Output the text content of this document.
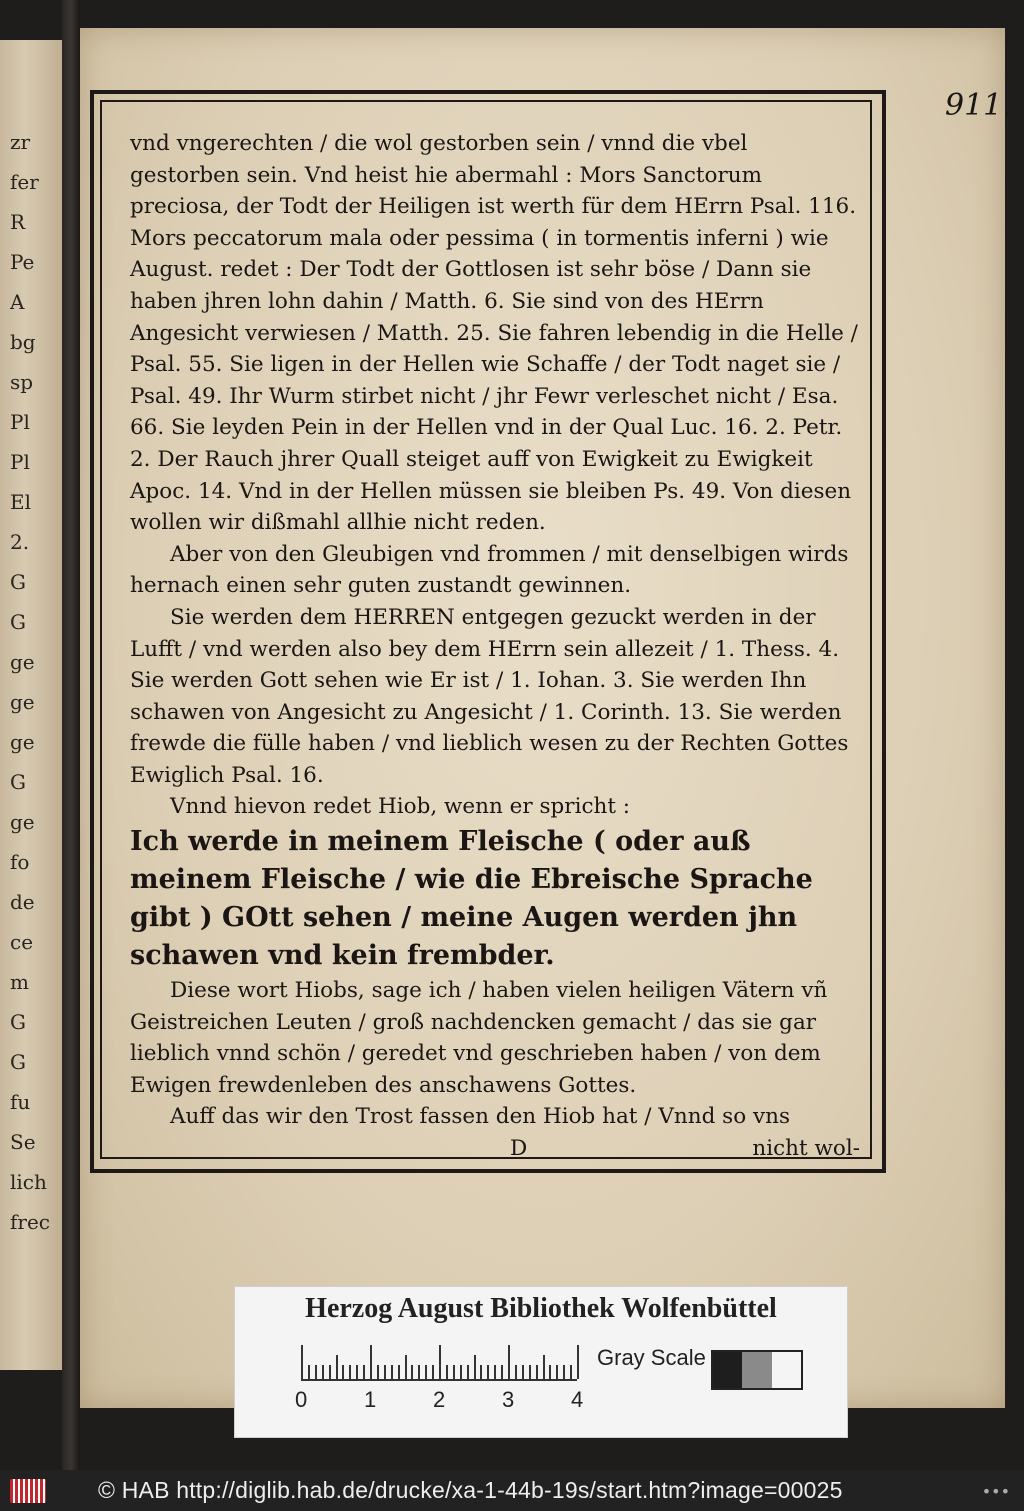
zr
fer
R
Pe
A
bg
sp
Pl
Pl
El
2.
G
G
ge
ge
ge
G
ge
fo
de
ce
m
G
G
fu
Se
lich
frec
911.

vnd vngerechten / die wol gestorben sein / vnnd die vbel gestorben sein. Vnd heist hie abermahl : Mors Sanctorum preciosa, der Todt der Heiligen ist werth für dem HErrn Psal. 116. Mors peccatorum mala oder pessima ( in tormentis inferni ) wie August. redet : Der Todt der Gottlosen ist sehr böse / Dann sie haben jhren lohn dahin / Matth. 6. Sie sind von des HErrn Angesicht verwiesen / Matth. 25. Sie fahren lebendig in die Helle / Psal. 55. Sie ligen in der Hellen wie Schaffe / der Todt naget sie / Psal. 49. Ihr Wurm stirbet nicht / jhr Fewr verleschet nicht / Esa. 66. Sie leyden Pein in der Hellen vnd in der Qual Luc. 16. 2. Petr. 2. Der Rauch jhrer Quall steiget auff von Ewigkeit zu Ewigkeit Apoc. 14. Vnd in der Hellen müssen sie bleiben Ps. 49. Von diesen wollen wir dißmahl allhie nicht reden.

Aber von den Gleubigen vnd frommen / mit denselbigen wirds hernach einen sehr guten zustandt gewinnen.

Sie werden dem HERREN entgegen gezuckt werden in der Lufft / vnd werden also bey dem HErrn sein allezeit / 1. Thess. 4. Sie werden Gott sehen wie Er ist / 1. Iohan. 3. Sie werden Ihn schawen von Angesicht zu Angesicht / 1. Corinth. 13. Sie werden frewde die fülle haben / vnd lieblich wesen zu der Rechten Gottes Ewiglich Psal. 16.

Vnnd hievon redet Hiob, wenn er spricht :

Ich werde in meinem Fleische ( oder auß meinem Fleische / wie die Ebreische Sprache gibt ) GOtt sehen / meine Augen werden jhn schawen vnd kein frembder.

Diese wort Hiobs, sage ich / haben vielen heiligen Vätern vñ Geistreichen Leuten / groß nachdencken gemacht / das sie gar lieblich vnnd schön / geredet vnd geschrieben haben / von dem Ewigen frewdenleben des anschawens Gottes.

Auff das wir den Trost fassen den Hiob hat / Vnnd so vns

D	nicht wol-
Herzog August Bibliothek Wolfenbüttel
0	1	2	3	4
Gray Scale
© HAB http://diglib.hab.de/drucke/xa-1-44b-19s/start.htm?image=00025	•••
